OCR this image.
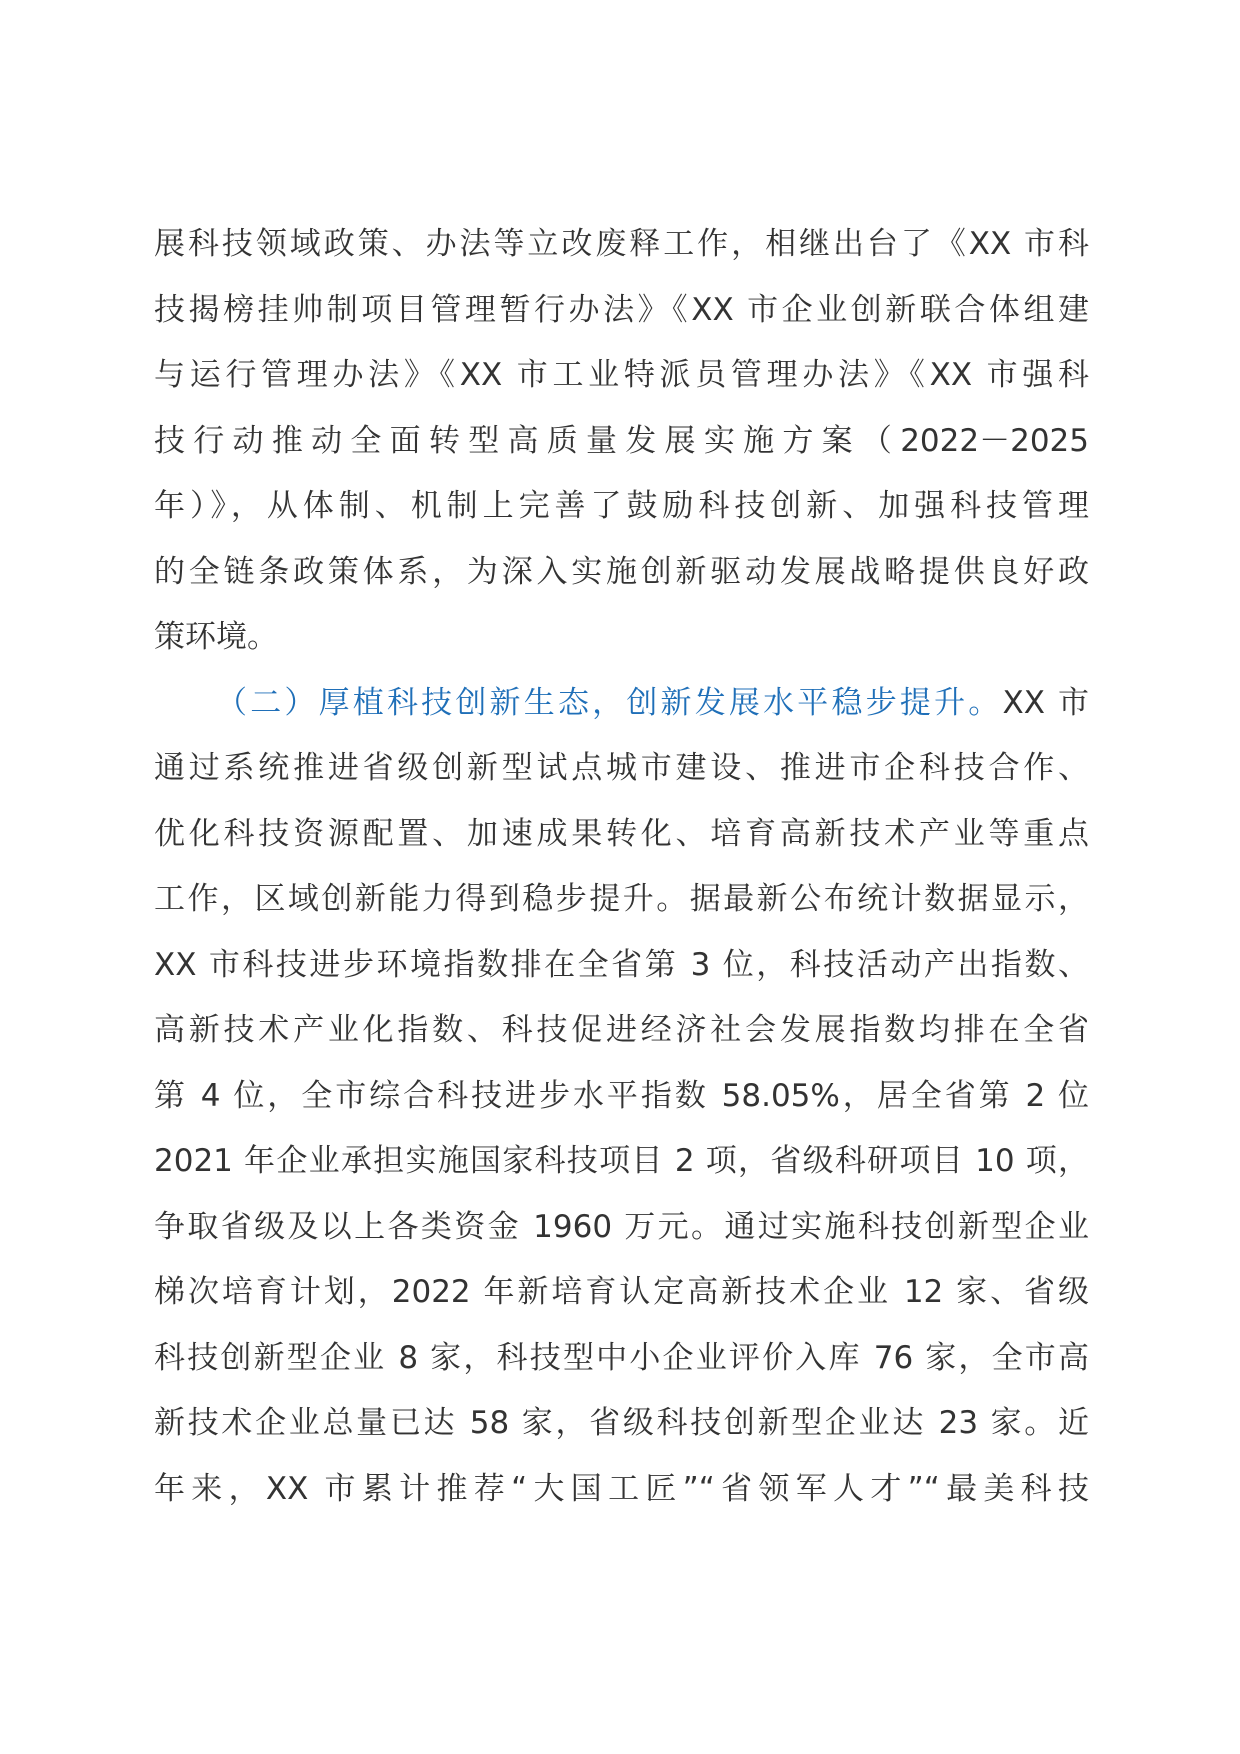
展科技领域政策、办法等立改废释工作，相继出台了《XX 市科
技揭榜挂帅制项目管理暂行办法》《XX 市企业创新联合体组建
与运行管理办法》《XX 市工业特派员管理办法》《XX 市强科
技行动推动全面转型高质量发展实施方案（2022－2025
年）》，从体制、机制上完善了鼓励科技创新、加强科技管理
的全链条政策体系，为深入实施创新驱动发展战略提供良好政
策环境。
（二）厚植科技创新生态，创新发展水平稳步提升。XX 市
通过系统推进省级创新型试点城市建设、推进市企科技合作、
优化科技资源配置、加速成果转化、培育高新技术产业等重点
工作，区域创新能力得到稳步提升。据最新公布统计数据显示，
XX 市科技进步环境指数排在全省第 3 位，科技活动产出指数、
高新技术产业化指数、科技促进经济社会发展指数均排在全省
第 4 位，全市综合科技进步水平指数 58.05%，居全省第 2 位
2021 年企业承担实施国家科技项目 2 项，省级科研项目 10 项，
争取省级及以上各类资金 1960 万元。通过实施科技创新型企业
梯次培育计划，2022 年新培育认定高新技术企业 12 家、省级
科技创新型企业 8 家，科技型中小企业评价入库 76 家，全市高
新技术企业总量已达 58 家，省级科技创新型企业达 23 家。近
年来，XX 市累计推荐“大国工匠”“省领军人才”“最美科技
